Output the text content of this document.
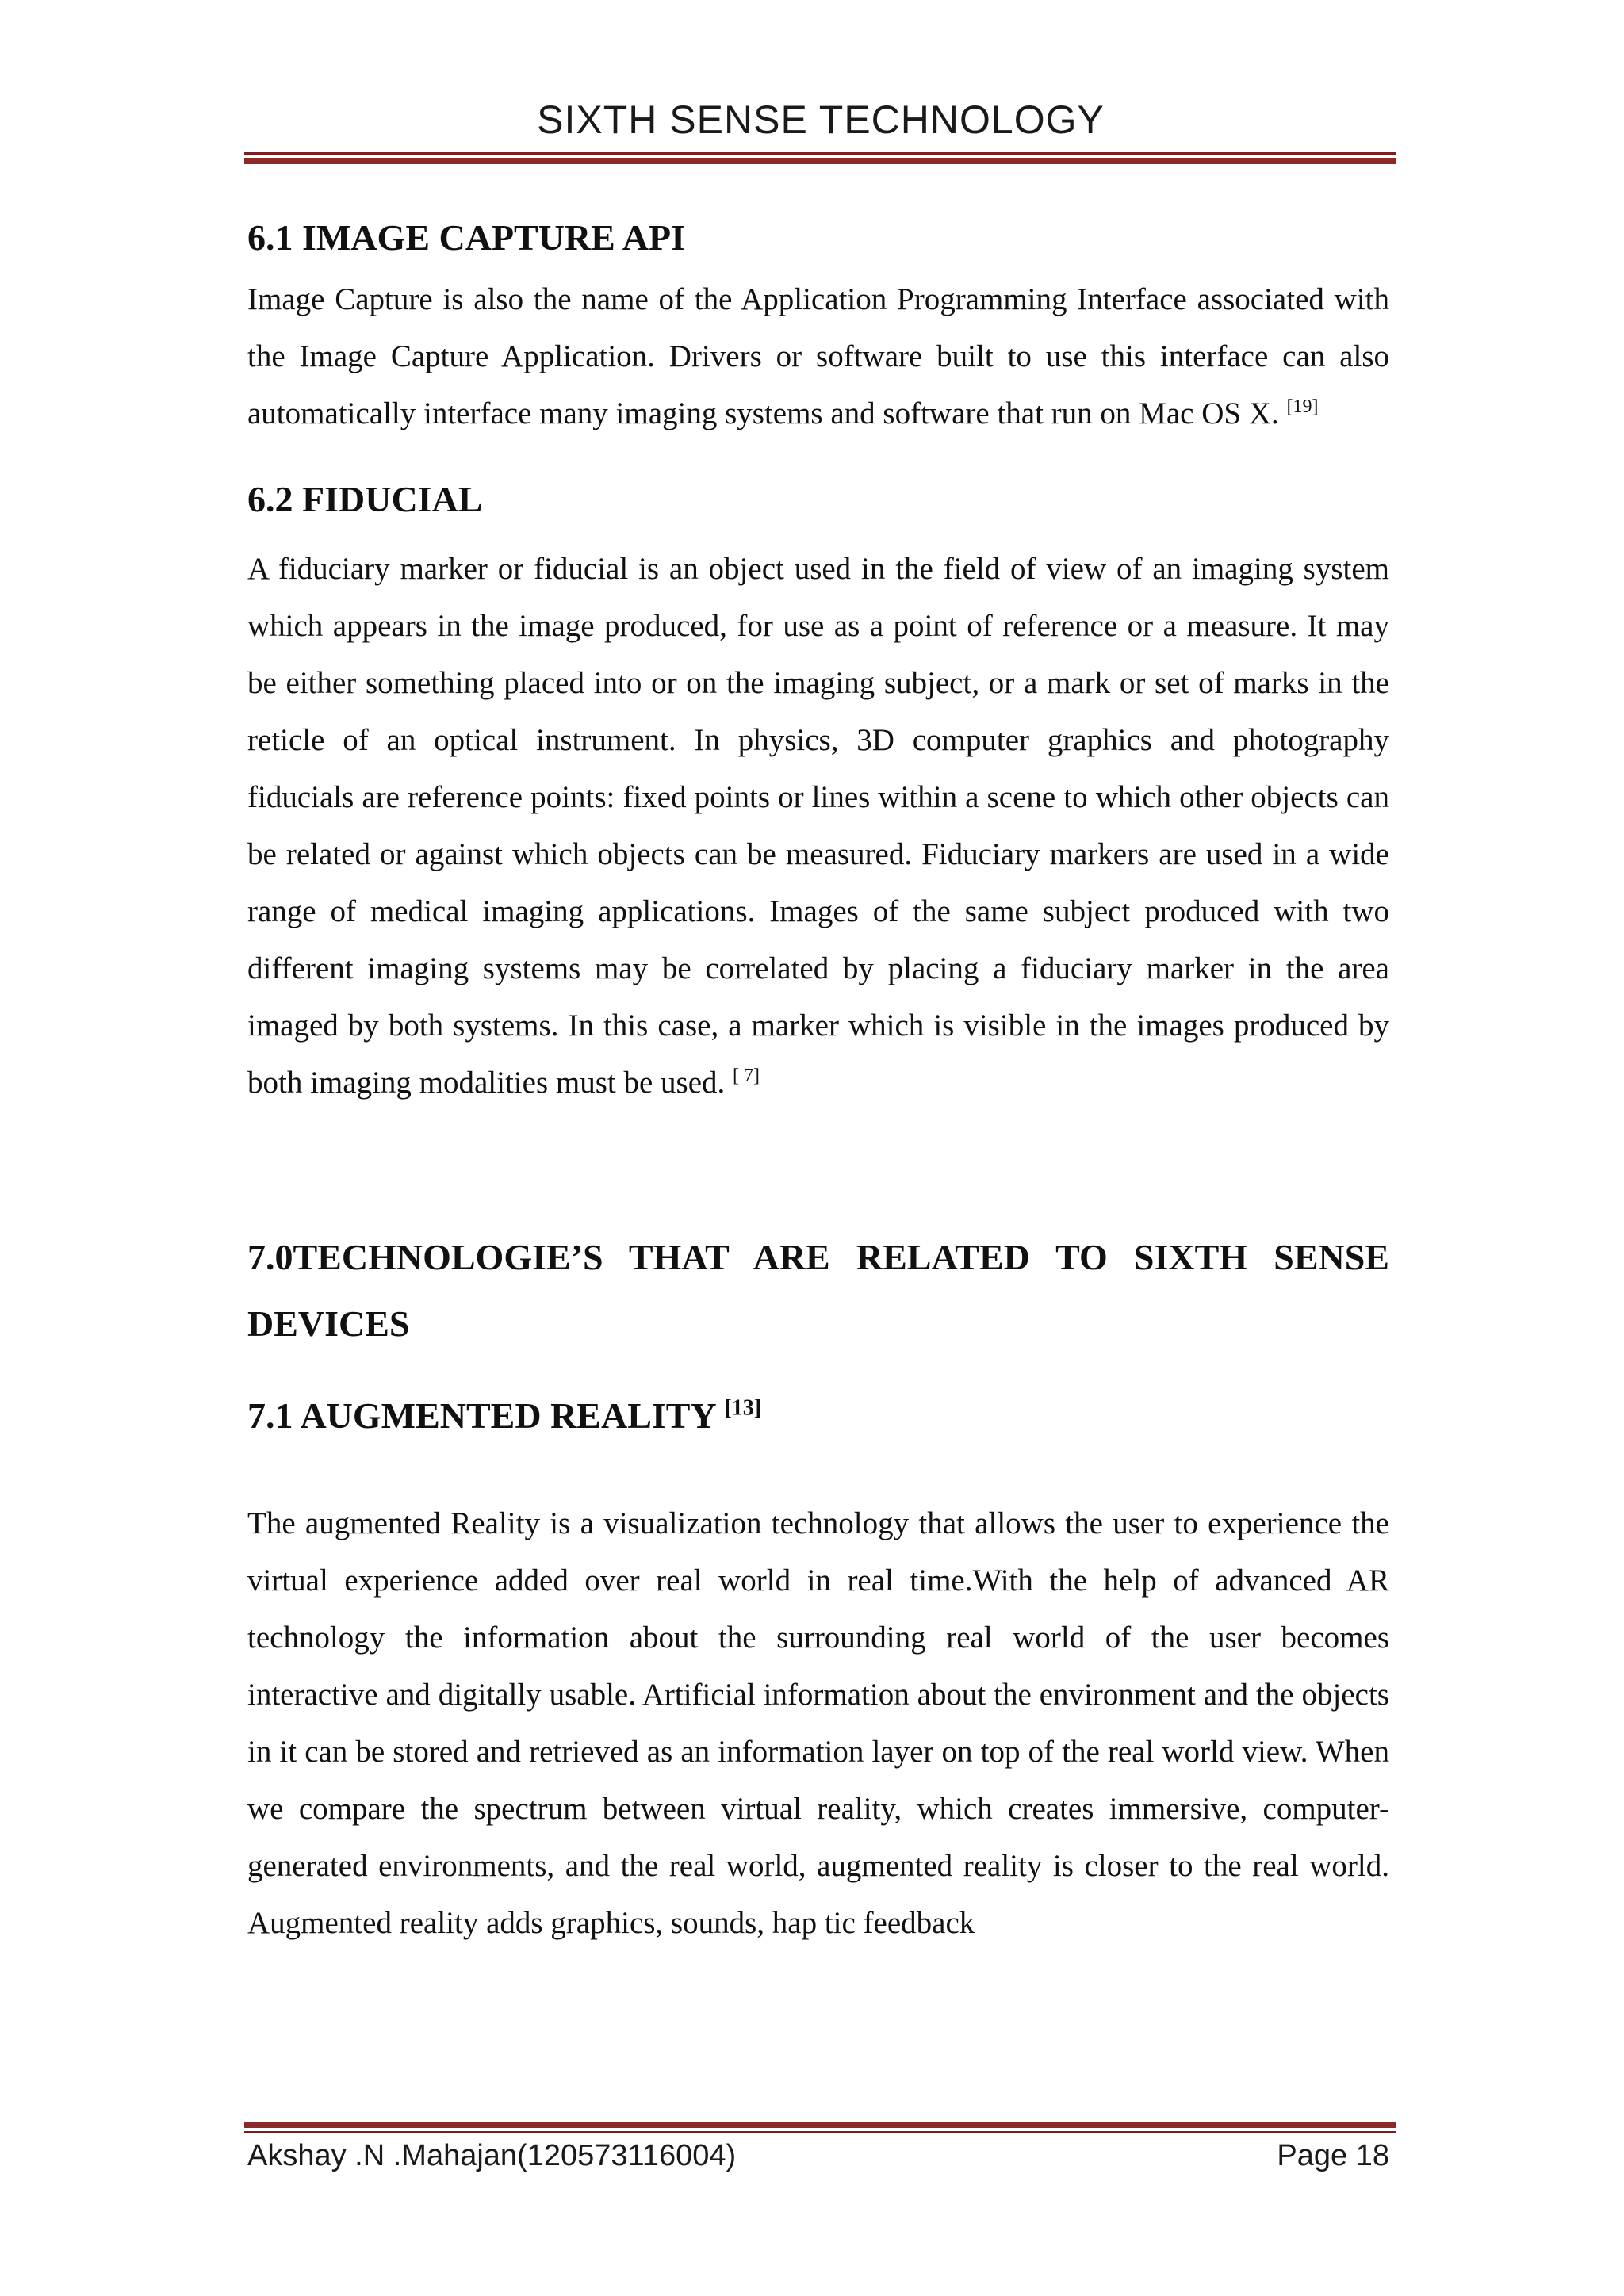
SIXTH SENSE TECHNOLOGY
6.1 IMAGE CAPTURE API

Image Capture is also the name of the Application Programming Interface associated with the Image Capture Application. Drivers or software built to use this interface can also automatically interface many imaging systems and software that run on Mac OS X. [19]

6.2 FIDUCIAL

A fiduciary marker or fiducial is an object used in the field of view of an imaging system which appears in the image produced, for use as a point of reference or a measure. It may be either something placed into or on the imaging subject, or a mark or set of marks in the reticle of an optical instrument. In physics, 3D computer graphics and photography fiducials are reference points: fixed points or lines within a scene to which other objects can be related or against which objects can be measured. Fiduciary markers are used in a wide range of medical imaging applications. Images of the same subject produced with two different imaging systems may be correlated by placing a fiduciary marker in the area imaged by both systems. In this case, a marker which is visible in the images produced by both imaging modalities must be used. [ 7]

7.0TECHNOLOGIE’S THAT ARE RELATED TO SIXTH SENSE DEVICES
7.1 AUGMENTED REALITY [13]

The augmented Reality is a visualization technology that allows the user to experience the virtual experience added over real world in real time.With the help of advanced AR technology the information about the surrounding real world of the user becomes interactive and digitally usable. Artificial information about the environment and the objects in it can be stored and retrieved as an information layer on top of the real world view. When we compare the spectrum between virtual reality, which creates immersive, computer-generated environments, and the real world, augmented reality is closer to the real world. Augmented reality adds graphics, sounds, hap tic feedback

Akshay .N .Mahajan(120573116004)	Page 18
